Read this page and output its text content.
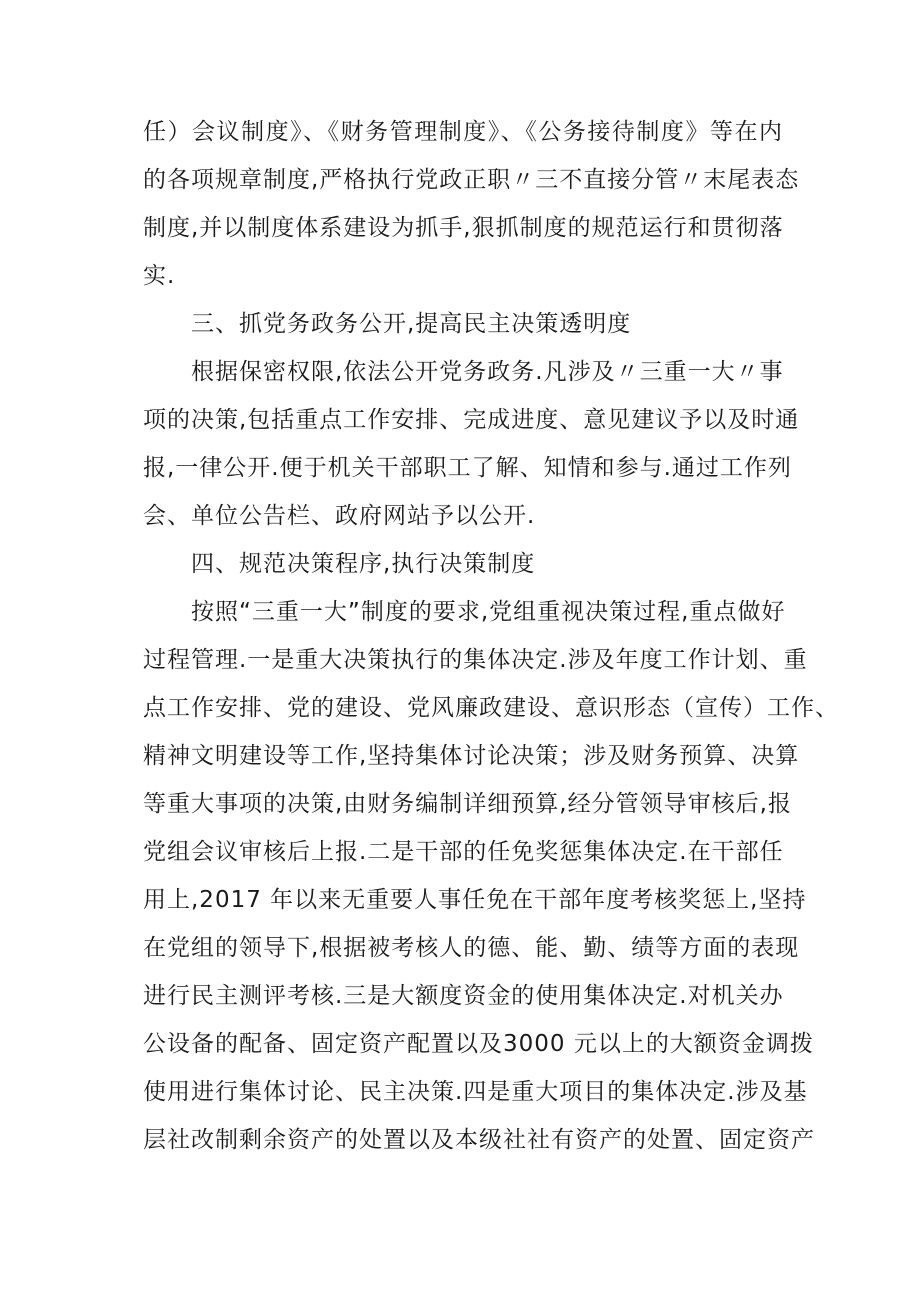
任）会议制度》、《财务管理制度》、《公务接待制度》等在内

的各项规章制度,严格执行党政正职〃三不直接分管〃末尾表态

制度,并以制度体系建设为抓手,狠抓制度的规范运行和贯彻落

实.

三、抓党务政务公开,提高民主决策透明度

根据保密权限,依法公开党务政务.凡涉及〃三重一大〃事

项的决策,包括重点工作安排、完成进度、意见建议予以及时通

报,一律公开.便于机关干部职工了解、知情和参与.通过工作列

会、单位公告栏、政府网站予以公开.

四、规范决策程序,执行决策制度

按照“三重一大”制度的要求,党组重视决策过程,重点做好

过程管理.一是重大决策执行的集体决定.涉及年度工作计划、重

点工作安排、党的建设、党风廉政建设、意识形态（宣传）工作、

精神文明建设等工作,坚持集体讨论决策；涉及财务预算、决算

等重大事项的决策,由财务编制详细预算,经分管领导审核后,报

党组会议审核后上报.二是干部的任免奖惩集体决定.在干部任

用上,2017 年以来无重要人事任免在干部年度考核奖惩上,坚持

在党组的领导下,根据被考核人的德、能、勤、绩等方面的表现

进行民主测评考核.三是大额度资金的使用集体决定.对机关办

公设备的配备、固定资产配置以及3000 元以上的大额资金调拨

使用进行集体讨论、民主决策.四是重大项目的集体决定.涉及基

层社改制剩余资产的处置以及本级社社有资产的处置、固定资产
